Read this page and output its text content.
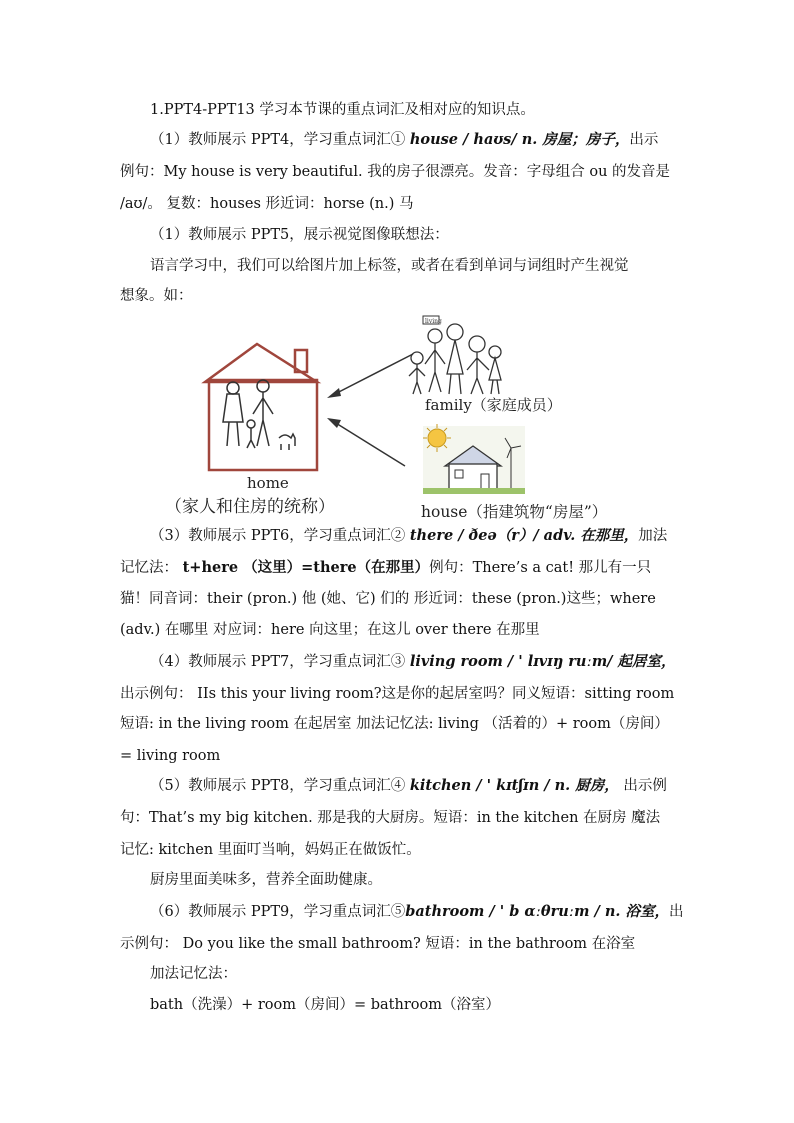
1.PPT4-PPT13 学习本节课的重点词汇及相对应的知识点。
（1）教师展示 PPT4，学习重点词汇① house / haʊs/ n. 房屋；房子，出示
例句：My house is very beautiful. 我的房子很漂亮。发音：字母组合 ou 的发音是
/aʊ/。 复数：houses 形近词：horse (n.) 马
（1）教师展示 PPT5，展示视觉图像联想法：
语言学习中，我们可以给图片加上标签，或者在看到单词与词组时产生视觉
想象。如：
（3）教师展示 PPT6，学习重点词汇② there / ðeə（r）/ adv. 在那里，加法
记忆法： t+here （这里）=there（在那里）例句：There’s a cat! 那儿有一只
猫！同音词：their (pron.) 他 (她、它) 们的 形近词：these (pron.)这些；where
(adv.) 在哪里 对应词：here 向这里；在这儿 over there 在那里
（4）教师展示 PPT7，学习重点词汇③ living room / ' lɪvɪŋ ruːm/ 起居室，
出示例句： IIs this your living room?这是你的起居室吗？同义短语：sitting room
短语: in the living room 在起居室 加法记忆法: living （活着的）+ room（房间）
= living room
（5）教师展示 PPT8，学习重点词汇④ kitchen / ' kɪtʃɪn / n. 厨房， 出示例
句：That’s my big kitchen. 那是我的大厨房。短语：in the kitchen 在厨房 魔法
记忆: kitchen 里面叮当响，妈妈正在做饭忙。
厨房里面美味多，营养全面助健康。
（6）教师展示 PPT9，学习重点词汇⑤bathroom / ' b ɑːθruːm / n. 浴室，出
示例句： Do you like the small bathroom? 短语：in the bathroom 在浴室
加法记忆法：
bath（洗澡）+ room（房间）= bathroom（浴室）
living
family（家庭成员）
home
（家人和住房的统称）	house（指建筑物“房屋”）
